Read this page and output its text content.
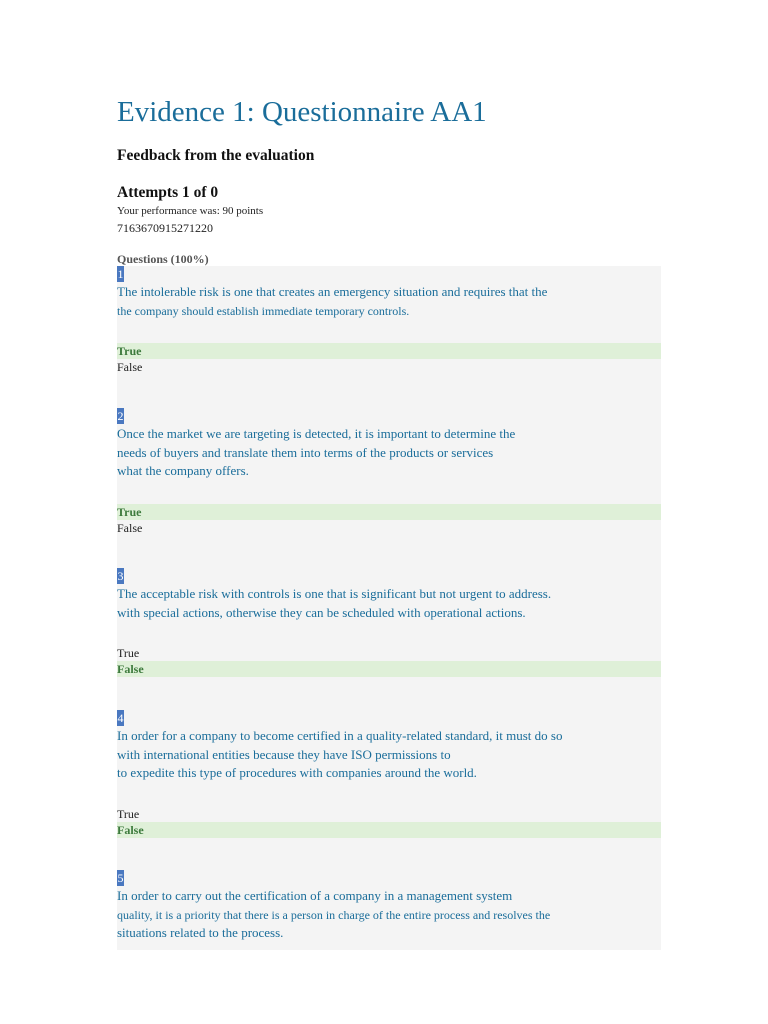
Evidence 1: Questionnaire AA1
Feedback from the evaluation
Attempts 1 of 0
Your performance was: 90 points
7163670915271220
Questions (100%)
1
The intolerable risk is one that creates an emergency situation and requires that the
the company should establish immediate temporary controls.
True
False
2
Once the market we are targeting is detected, it is important to determine the
needs of buyers and translate them into terms of the products or services
what the company offers.
True
False
3
The acceptable risk with controls is one that is significant but not urgent to address.
with special actions, otherwise they can be scheduled with operational actions.
True
False
4
In order for a company to become certified in a quality-related standard, it must do so
with international entities because they have ISO permissions to
to expedite this type of procedures with companies around the world.
True
False
5
In order to carry out the certification of a company in a management system
quality, it is a priority that there is a person in charge of the entire process and resolves the
situations related to the process.
